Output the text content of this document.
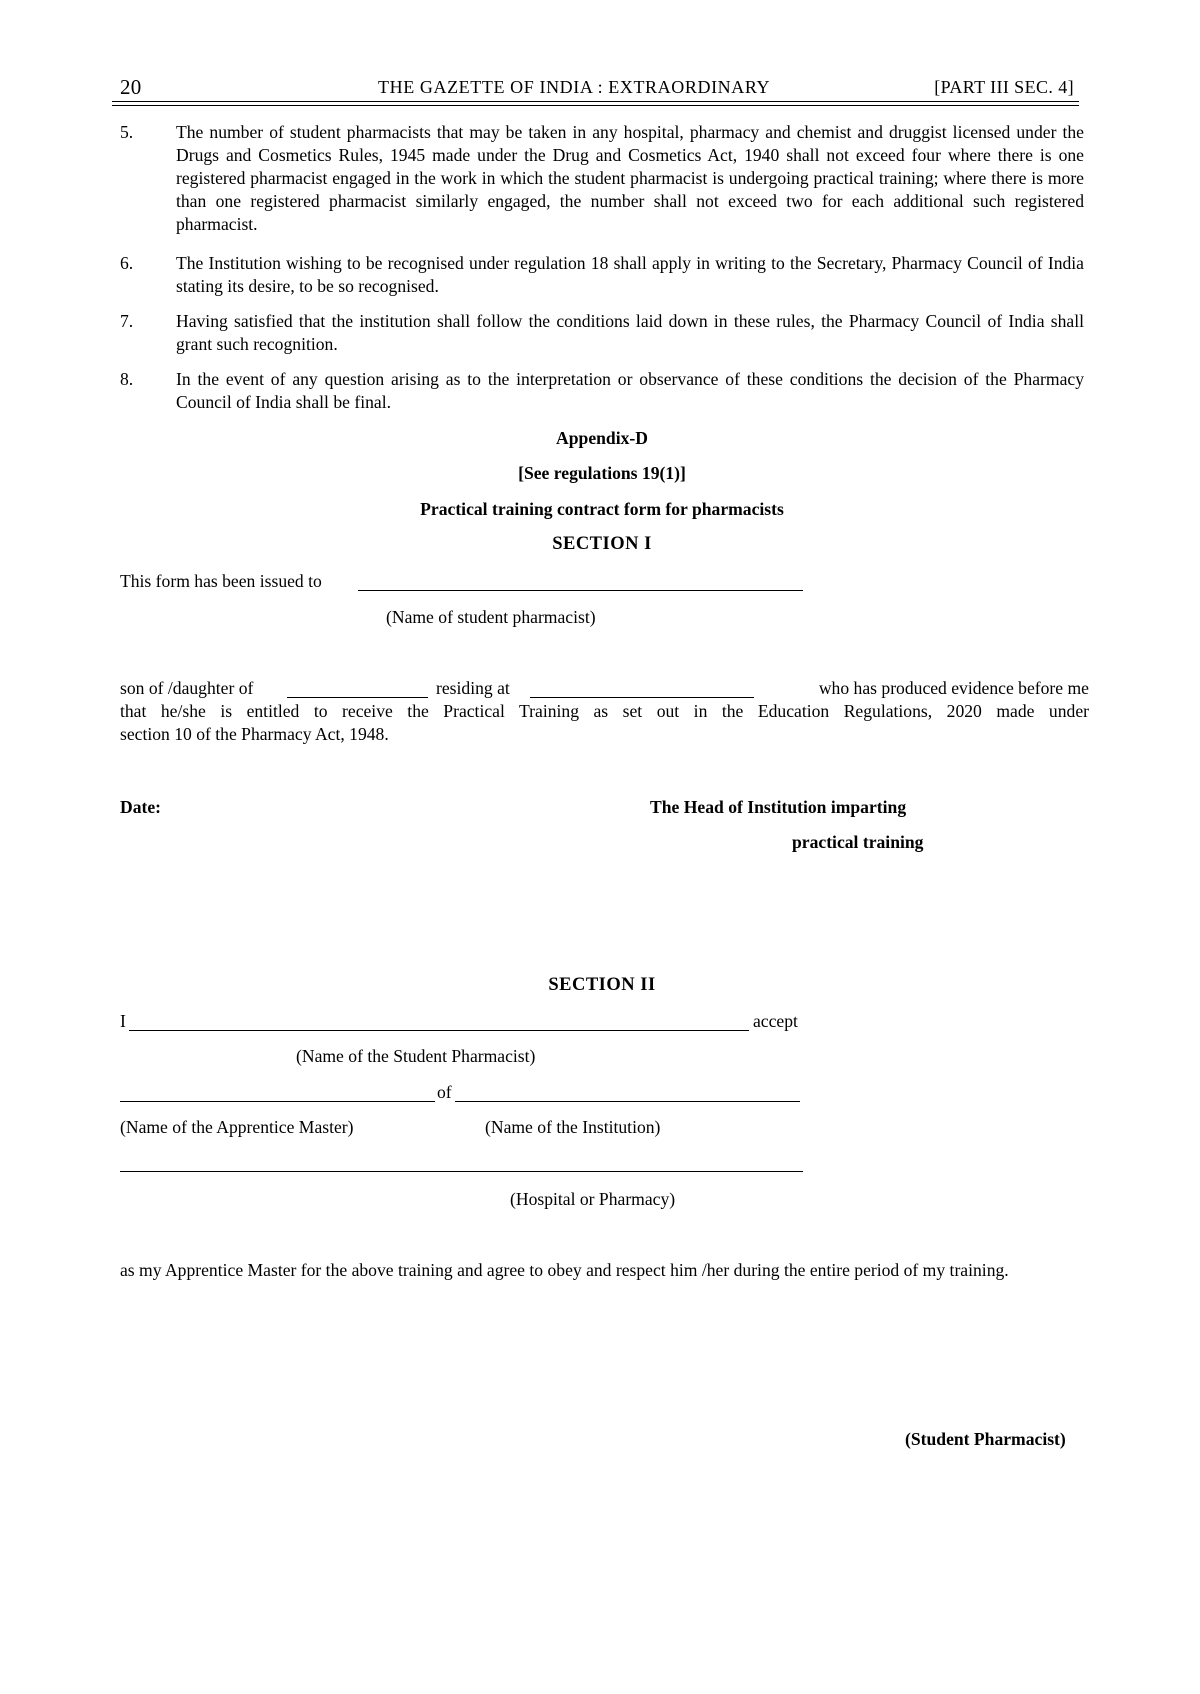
20	THE GAZETTE OF INDIA : EXTRAORDINARY	[PART III SEC. 4]
5. The number of student pharmacists that may be taken in any hospital, pharmacy and chemist and druggist licensed under the Drugs and Cosmetics Rules, 1945 made under the Drug and Cosmetics Act, 1940 shall not exceed four where there is one registered pharmacist engaged in the work in which the student pharmacist is undergoing practical training; where there is more than one registered pharmacist similarly engaged, the number shall not exceed two for each additional such registered pharmacist.
6. The Institution wishing to be recognised under regulation 18 shall apply in writing to the Secretary, Pharmacy Council of India stating its desire, to be so recognised.
7. Having satisfied that the institution shall follow the conditions laid down in these rules, the Pharmacy Council of India shall grant such recognition.
8. In the event of any question arising as to the interpretation or observance of these conditions the decision of the Pharmacy Council of India shall be final.
Appendix-D
[See regulations 19(1)]
Practical training contract form for pharmacists
SECTION I
This form has been issued to
(Name of student pharmacist)
son of /daughter of	residing at	who has produced evidence before me
that he/she is entitled to receive the Practical Training as set out in the Education Regulations, 2020 made under
section 10 of the Pharmacy Act, 1948.
Date:	The Head of Institution imparting
practical training
SECTION II
I	accept
(Name of the Student Pharmacist)
of
(Name of the Apprentice Master)	(Name of the Institution)
(Hospital or Pharmacy)
as my Apprentice Master for the above training and agree to obey and respect him /her during the entire period of my training.
(Student Pharmacist)
